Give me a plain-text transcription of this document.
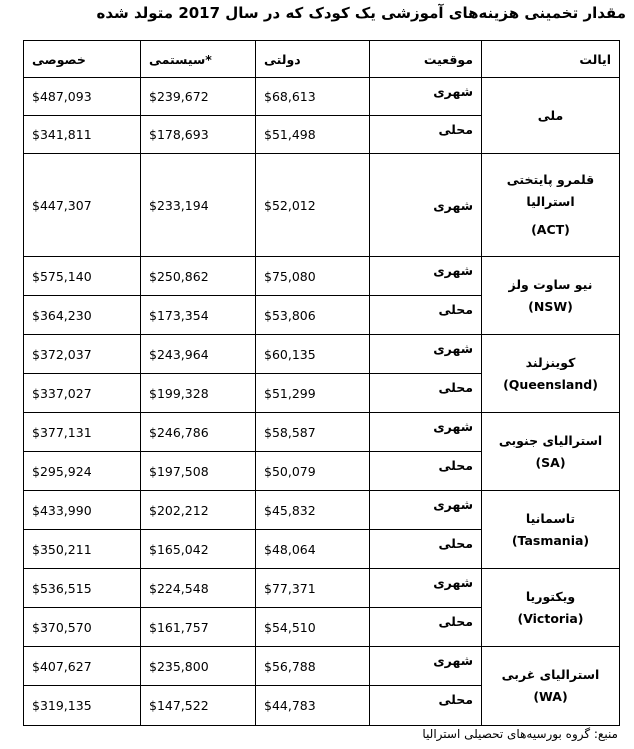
مقدار تخمینی هزینه‌های آموزشی یک کودک که در سال 2017 متولد شده
خصوصی	سیستمی*	دولتی	موقعیت	ایالت
$487,093	$239,672	$68,613	شهری	ملی

$341,811	$178,693	$51,498	محلی	
$447,307	$233,194	$52,012	شهری	قلمرو پایتختی استرالیا
(ACT)

$575,140	$250,862	$75,080	شهری	نیو ساوت ولز
(NSW)

$364,230	$173,354	$53,806	محلی	
$372,037	$243,964	$60,135	شهری	کوینزلند
(Queensland)

$337,027	$199,328	$51,299	محلی	
$377,131	$246,786	$58,587	شهری	استرالیای جنوبی
(SA)

$295,924	$197,508	$50,079	محلی	
$433,990	$202,212	$45,832	شهری	تاسمانیا
(Tasmania)

$350,211	$165,042	$48,064	محلی	
$536,515	$224,548	$77,371	شهری	ویکتوریا
(Victoria)

$370,570	$161,757	$54,510	محلی	
$407,627	$235,800	$56,788	شهری	استرالیای غربی
(WA)

$319,135	$147,522	$44,783	محلی	
منبع: گروه بورسیه‌های تحصیلی استرالیا
